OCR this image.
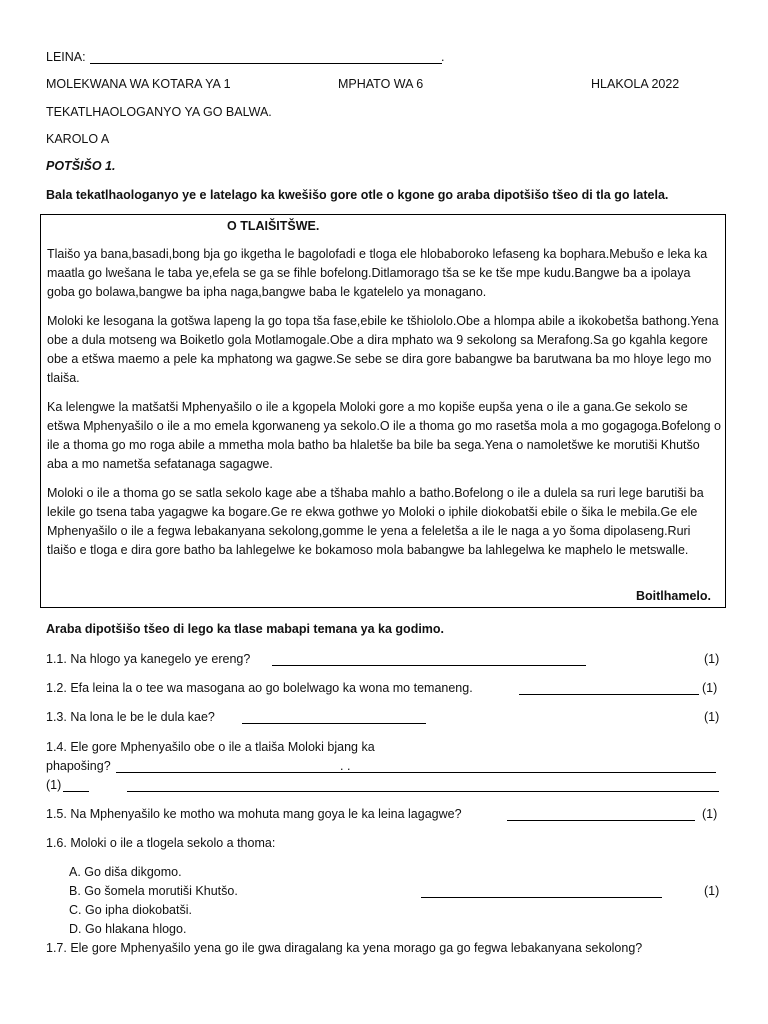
LEINA:	.
MOLEKWANA WA KOTARA YA 1	MPHATO WA 6	HLAKOLA 2022
TEKATLHAOLOGANYO YA GO BALWA.
KAROLO A
POTŠIŠO 1.
Bala tekatlhaologanyo ye e latelago ka kwešišo gore otle o kgone go araba dipotšišo tšeo di tla go latela.
O TLAIŠITŠWE.
Tlaišo ya bana,basadi,bong bja go ikgetha le bagolofadi e tloga ele hlobaboroko lefaseng ka bophara.Mebušo e leka ka maatla go lwešana le taba ye,efela se ga se fihle bofelong.Ditlamorago tša se ke tše mpe kudu.Bangwe ba a ipolaya goba go bolawa,bangwe ba ipha naga,bangwe baba le kgatelelo ya monagano.
Moloki ke lesogana la gotšwa lapeng la go topa tša fase,ebile ke tšhiololo.Obe a hlompa abile a ikokobetša bathong.Yena obe a dula motseng wa Boiketlo gola Motlamogale.Obe a dira mphato wa 9 sekolong sa Merafong.Sa go kgahla kegore obe a etšwa maemo a pele ka mphatong wa gagwe.Se sebe se dira gore babangwe ba barutwana ba mo hloye lego mo tlaiša.
Ka lelengwe la matšatši Mphenyašilo o ile a kgopela Moloki gore a mo kopiše eupša yena o ile a gana.Ge sekolo se etšwa Mphenyašilo o ile a mo emela kgorwaneng ya sekolo.O ile a thoma go mo rasetša mola a mo gogagoga.Bofelong o ile a thoma go mo roga abile a mmetha mola batho ba hlaletše ba bile ba sega.Yena o namoletšwe ke morutiši Khutšo aba a mo nametša sefatanaga sagagwe.
Moloki o ile a thoma go se satla sekolo kage abe a tšhaba mahlo a batho.Bofelong o ile a dulela sa ruri lege barutiši ba lekile go tsena taba yagagwe ka bogare.Ge re ekwa gothwe yo Moloki o iphile diokobatši ebile o šika le mebila.Ge ele Mphenyašilo o ile a fegwa lebakanyana sekolong,gomme le yena a feleletša a ile le naga a yo šoma dipolaseng.Ruri tlaišo e tloga e dira gore batho ba lahlegelwe ke bokamoso mola babangwe ba lahlegelwa ke maphelo le metswalle.
Boitlhamelo.
Araba dipotšišo tšeo di lego ka tlase mabapi temana ya ka godimo.
1.1. Na hlogo ya kanegelo ye ereng?	(1)
1.2. Efa leina la o tee wa masogana ao go bolelwago ka wona mo temaneng.	(1)
1.3. Na lona le be le dula kae?	(1)
1.4. Ele gore Mphenyašilo obe o ile a tlaiša Moloki bjang ka
phapošing?	. .
(1)
1.5. Na Mphenyašilo ke motho wa mohuta mang goya le ka leina lagagwe?	(1)
1.6. Moloki o ile a tlogela sekolo a thoma:
A. Go diša dikgomo.
B. Go šomela morutiši Khutšo.	(1)
C. Go ipha diokobatši.
D. Go hlakana hlogo.
1.7. Ele gore Mphenyašilo yena go ile gwa diragalang ka yena morago ga go fegwa lebakanyana sekolong?
